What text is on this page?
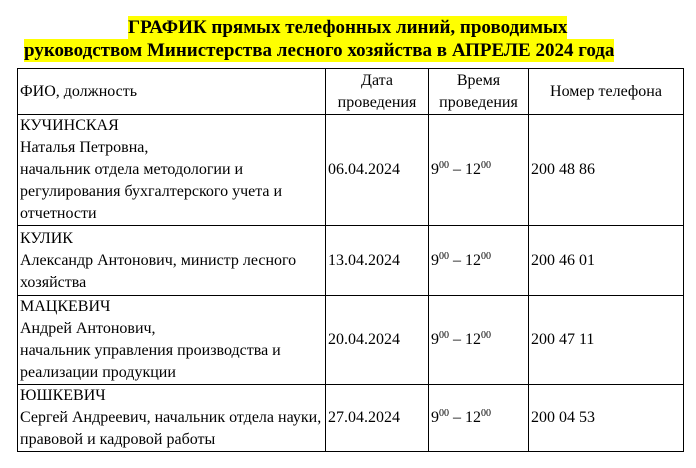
ГРАФИК прямых телефонных линий, проводимых
руководством Министерства лесного хозяйства в АПРЕЛЕ 2024 года
ФИО, должность	Дата проведения	Время проведения	Номер телефона

КУЧИНСКАЯ
Наталья Петровна,
начальник отдела методологии и регулирования бухгалтерского учета и отчетности	06.04.2024	$9^{00} - 12^{00}$	200 48 86

КУЛИК
Александр Антонович, министр лесного хозяйства	13.04.2024	$9^{00} - 12^{00}$	200 46 01

МАЦКЕВИЧ
Андрей Антонович,
начальник управления производства и реализации продукции	20.04.2024	$9^{00} - 12^{00}$	200 47 11

ЮШКЕВИЧ
Сергей Андреевич, начальник отдела науки, правовой и кадровой работы	27.04.2024	$9^{00} - 12^{00}$	200 04 53
